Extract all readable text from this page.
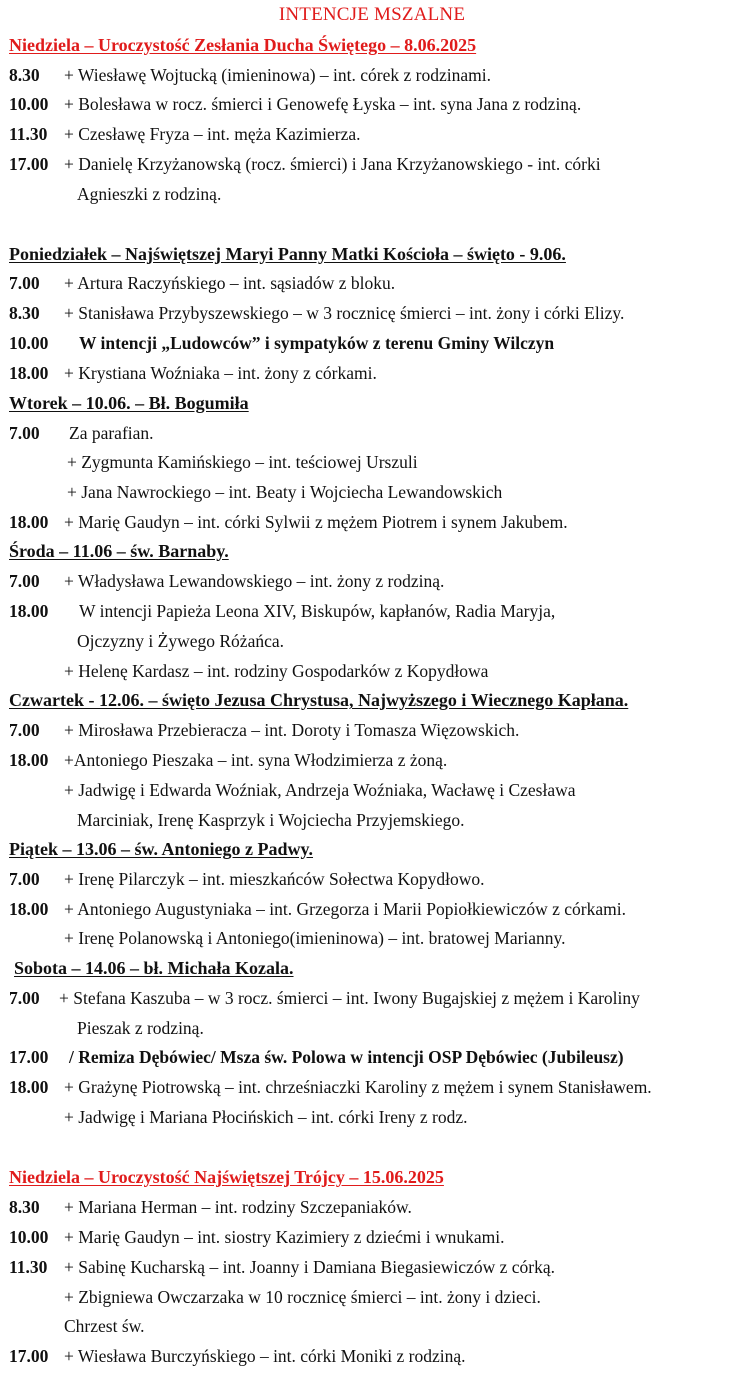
INTENCJE MSZALNE
Niedziela – Uroczystość Zesłania Ducha Świętego – 8.06.2025
8.30 + Wiesławę Wojtucką (imieninowa) – int. córek z rodzinami.
10.00 + Bolesława w rocz. śmierci i Genowefę Łyska – int. syna Jana z rodziną.
11.30 + Czesławę Fryza – int. męża Kazimierza.
17.00 + Danielę Krzyżanowską (rocz. śmierci) i Jana Krzyżanowskiego - int. córki
Agnieszki z rodziną.
Poniedziałek – Najświętszej Maryi Panny Matki Kościoła – święto - 9.06.
7.00 + Artura Raczyńskiego – int. sąsiadów z bloku.
8.30 + Stanisława Przybyszewskiego – w 3 rocznicę śmierci – int. żony i córki Elizy.
10.00 W intencji „Ludowców” i sympatyków z terenu Gminy Wilczyn
18.00 + Krystiana Woźniaka – int. żony z córkami.
Wtorek – 10.06. – Bł. Bogumiła
7.00 Za parafian.
+ Zygmunta Kamińskiego – int. teściowej Urszuli
+ Jana Nawrockiego – int. Beaty i Wojciecha Lewandowskich
18.00 + Marię Gaudyn – int. córki Sylwii z mężem Piotrem i synem Jakubem.
Środa – 11.06 – św. Barnaby.
7.00 + Władysława Lewandowskiego – int. żony z rodziną.
18.00 W intencji Papieża Leona XIV, Biskupów, kapłanów, Radia Maryja,
Ojczyzny i Żywego Różańca.
+ Helenę Kardasz – int. rodziny Gospodarków z Kopydłowa
Czwartek - 12.06. – święto Jezusa Chrystusa, Najwyższego i Wiecznego Kapłana.
7.00 + Mirosława Przebieracza – int. Doroty i Tomasza Więzowskich.
18.00 +Antoniego Pieszaka – int. syna Włodzimierza z żoną.
+ Jadwigę i Edwarda Woźniak, Andrzeja Woźniaka, Wacławę i Czesława
Marciniak, Irenę Kasprzyk i Wojciecha Przyjemskiego.
Piątek – 13.06 – św. Antoniego z Padwy.
7.00 + Irenę Pilarczyk – int. mieszkańców Sołectwa Kopydłowo.
18.00 + Antoniego Augustyniaka – int. Grzegorza i Marii Popiołkiewiczów z córkami.
+ Irenę Polanowską i Antoniego(imieninowa) – int. bratowej Marianny.
Sobota – 14.06 – bł. Michała Kozala.
7.00 + Stefana Kaszuba – w 3 rocz. śmierci – int. Iwony Bugajskiej z mężem i Karoliny
Pieszak z rodziną.
17.00 / Remiza Dębówiec/ Msza św. Polowa w intencji OSP Dębówiec (Jubileusz)
18.00 + Grażynę Piotrowską – int. chrześniaczki Karoliny z mężem i synem Stanisławem.
+ Jadwigę i Mariana Płocińskich – int. córki Ireny z rodz.
Niedziela – Uroczystość Najświętszej Trójcy – 15.06.2025
8.30 + Mariana Herman – int. rodziny Szczepaniaków.
10.00 + Marię Gaudyn – int. siostry Kazimiery z dziećmi i wnukami.
11.30 + Sabinę Kucharską – int. Joanny i Damiana Biegasiewiczów z córką.
+ Zbigniewa Owczarzaka w 10 rocznicę śmierci – int. żony i dzieci.
Chrzest św.
17.00 + Wiesława Burczyńskiego – int. córki Moniki z rodziną.
